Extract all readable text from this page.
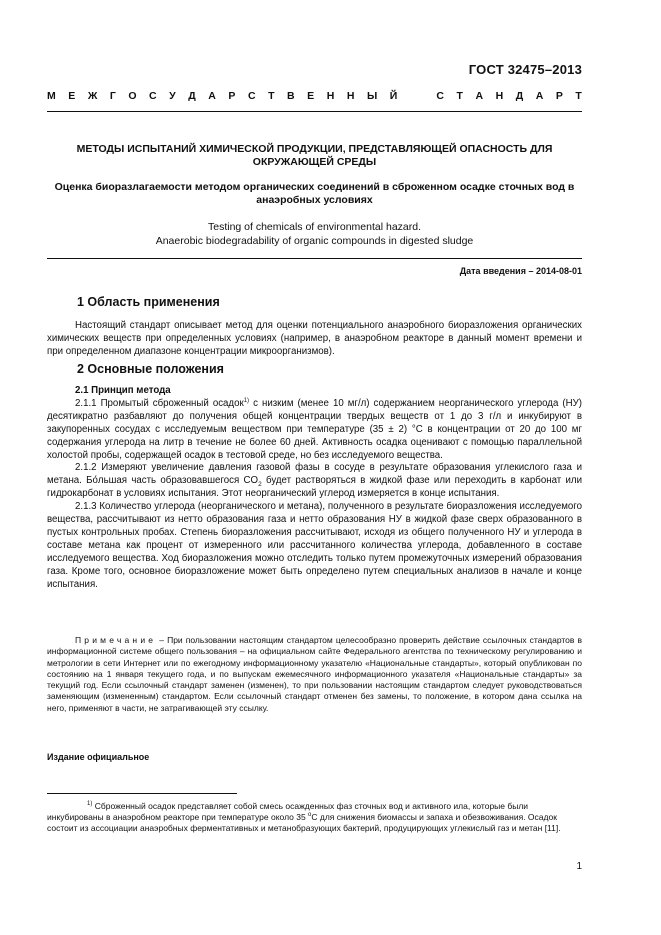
ГОСТ 32475–2013
М Е Ж Г О С У Д А Р С Т В Е Н Н Ы Й	С Т А Н Д А Р Т
МЕТОДЫ ИСПЫТАНИЙ ХИМИЧЕСКОЙ ПРОДУКЦИИ, ПРЕДСТАВЛЯЮЩЕЙ ОПАСНОСТЬ ДЛЯ ОКРУЖАЮЩЕЙ СРЕДЫ
Оценка биоразлагаемости методом органических соединений в сброженном осадке сточных вод в анаэробных условиях
Testing of chemicals of environmental hazard.
Anaerobic biodegradability of organic compounds in digested sludge
Дата введения – 2014-08-01
1 Область применения

Настоящий стандарт описывает метод для оценки потенциального анаэробного биоразложения органических химических веществ при определенных условиях (например, в анаэробном реакторе в данный момент времени и при определенном диапазоне концентрации микроорганизмов).

2 Основные положения

2.1 Принцип метода

2.1.1 Промытый сброженный осадок$^{1)}$ с низким (менее 10 мг/л) содержанием неорганического углерода (НУ) десятикратно разбавляют до получения общей концентрации твердых веществ от 1 до 3 г/л и инкубируют в закупоренных сосудах с исследуемым веществом при температуре (35 ± 2) °С в концентрации от 20 до 100 мг содержания углерода на литр в течение не более 60 дней. Активность осадка оценивают с помощью параллельной холостой пробы, содержащей осадок в тестовой среде, но без исследуемого вещества.

2.1.2 Измеряют увеличение давления газовой фазы в сосуде в результате образования углекислого газа и метана. Бо́льшая часть образовавшегося $CO_2$ будет растворяться в жидкой фазе или переходить в карбонат или гидрокарбонат в условиях испытания. Этот неорганический углерод измеряется в конце испытания.

2.1.3 Количество углерода (неорганического и метана), полученного в результате биоразложения исследуемого вещества, рассчитывают из нетто образования газа и нетто образования НУ в жидкой фазе сверх образованного в пустых контрольных пробах. Степень биоразложения рассчитывают, исходя из общего полученного НУ и углерода в составе метана как процент от измеренного или рассчитанного количества углерода, добавленного в составе исследуемого вещества. Ход биоразложения можно отследить только путем промежуточных измерений образования газа. Кроме того, основное биоразложение может быть определено путем специальных анализов в начале и конце испытания.

Примечание – При пользовании настоящим стандартом целесообразно проверить действие ссылочных стандартов в информационной системе общего пользования – на официальном сайте Федерального агентства по техническому регулированию и метрологии в сети Интернет или по ежегодному информационному указателю «Национальные стандарты», который опубликован по состоянию на 1 января текущего года, и по выпускам ежемесячного информационного указателя «Национальные стандарты» за текущий год. Если ссылочный стандарт заменен (изменен), то при пользовании настоящим стандартом следует руководствоваться заменяющим (измененным) стандартом. Если ссылочный стандарт отменен без замены, то положение, в котором дана ссылка на него, применяют в части, не затрагивающей эту ссылку.
Издание официальное
$^{1)}$ Сброженный осадок представляет собой смесь осажденных фаз сточных вод и активного ила, которые были инкубированы в анаэробном реакторе при температуре около 35 $^о$С для снижения биомассы и запаха и обезвоживания. Осадок состоит из ассоциации анаэробных ферментативных и метанобразующих бактерий, продуцирующих углекислый газ и метан [11].
1
